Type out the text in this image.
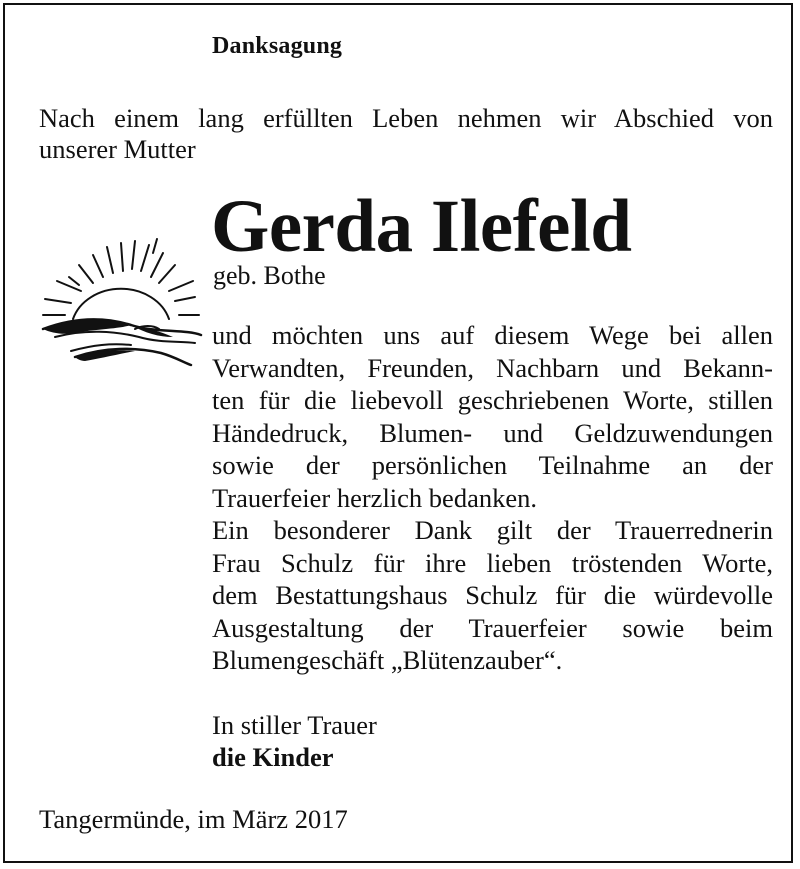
Danksagung
Nach einem lang erfüllten Leben nehmen wir Abschied von
unserer Mutter
Gerda Ilefeld
geb. Bothe
und möchten uns auf diesem Wege bei allen
Verwandten, Freunden, Nachbarn und Bekann-
ten für die liebevoll geschriebenen Worte, stillen
Händedruck, Blumen- und Geldzuwendungen
sowie der persönlichen Teilnahme an der
Trauerfeier herzlich bedanken.
Ein besonderer Dank gilt der Trauerrednerin
Frau Schulz für ihre lieben tröstenden Worte,
dem Bestattungshaus Schulz für die würdevolle
Ausgestaltung der Trauerfeier sowie beim
Blumengeschäft „Blütenzauber“.
In stiller Trauer
die Kinder
Tangermünde, im März 2017
